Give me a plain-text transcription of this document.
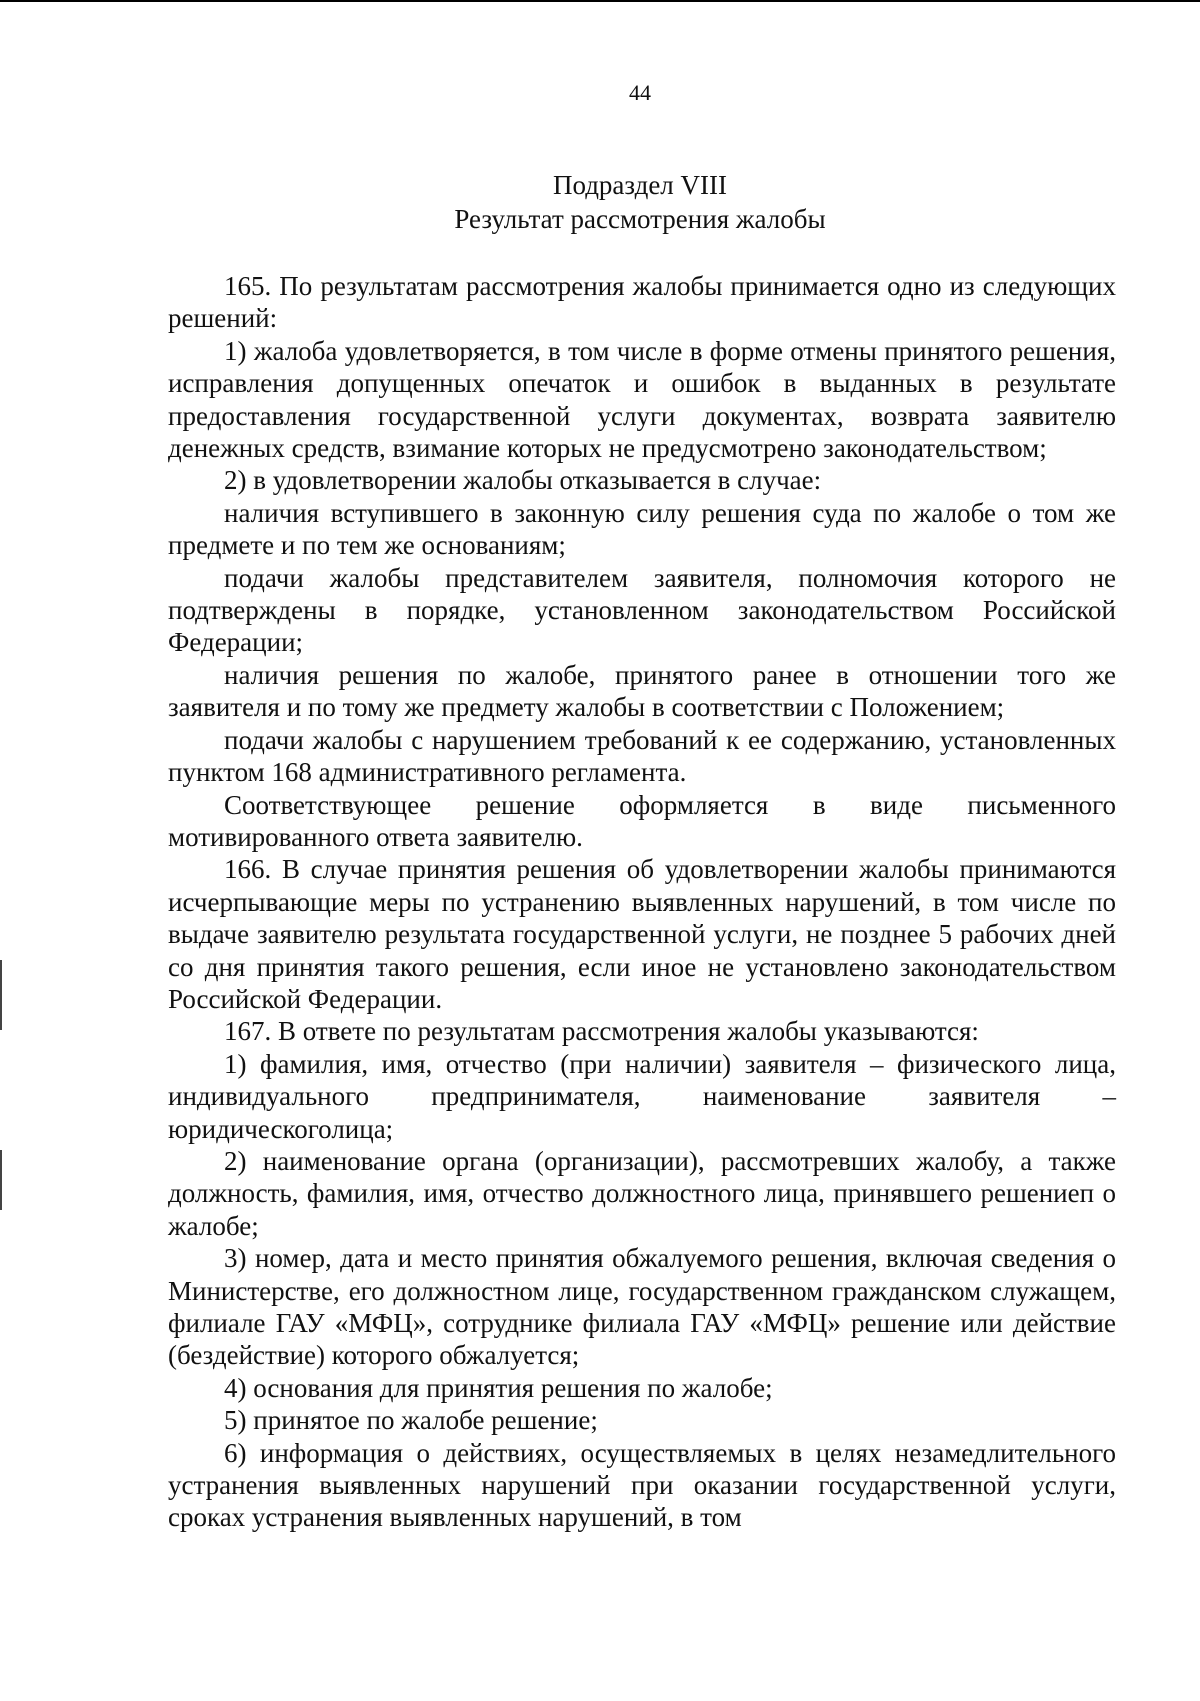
44
Подраздел VIII
Результат рассмотрения жалобы

165. По результатам рассмотрения жалобы принимается одно из следующих решений:

1) жалоба удовлетворяется, в том числе в форме отмены принятого решения, исправления допущенных опечаток и ошибок в выданных в результате предоставления государственной услуги документах, возврата заявителю денежных средств, взимание которых не предусмотрено законодательством;

2) в удовлетворении жалобы отказывается в случае:

наличия вступившего в законную силу решения суда по жалобе о том же предмете и по тем же основаниям;

подачи жалобы представителем заявителя, полномочия которого не подтверждены в порядке, установленном законодательством Российской Федерации;

наличия решения по жалобе, принятого ранее в отношении того же заявителя и по тому же предмету жалобы в соответствии с Положением;

подачи жалобы с нарушением требований к ее содержанию, установленных пунктом 168 административного регламента.

Соответствующее решение оформляется в виде письменного мотивированного ответа заявителю.

166. В случае принятия решения об удовлетворении жалобы принимаются исчерпывающие меры по устранению выявленных нарушений, в том числе по выдаче заявителю результата государственной услуги, не позднее 5 рабочих дней со дня принятия такого решения, если иное не установлено законодательством Российской Федерации.

167. В ответе по результатам рассмотрения жалобы указываются:

1) фамилия, имя, отчество (при наличии) заявителя – физического лица, индивидуального предпринимателя, наименование заявителя – юридическоголица;

2) наименование органа (организации), рассмотревших жалобу, а также должность, фамилия, имя, отчество должностного лица, принявшего решениеп о жалобе;

3) номер, дата и место принятия обжалуемого решения, включая сведения о Министерстве, его должностном лице, государственном гражданском служащем, филиале ГАУ «МФЦ», сотруднике филиала ГАУ «МФЦ» решение или действие (бездействие) которого обжалуется;

4) основания для принятия решения по жалобе;

5) принятое по жалобе решение;

6) информация о действиях, осуществляемых в целях незамедлительного устранения выявленных нарушений при оказании государственной услуги, сроках устранения выявленных нарушений, в том
